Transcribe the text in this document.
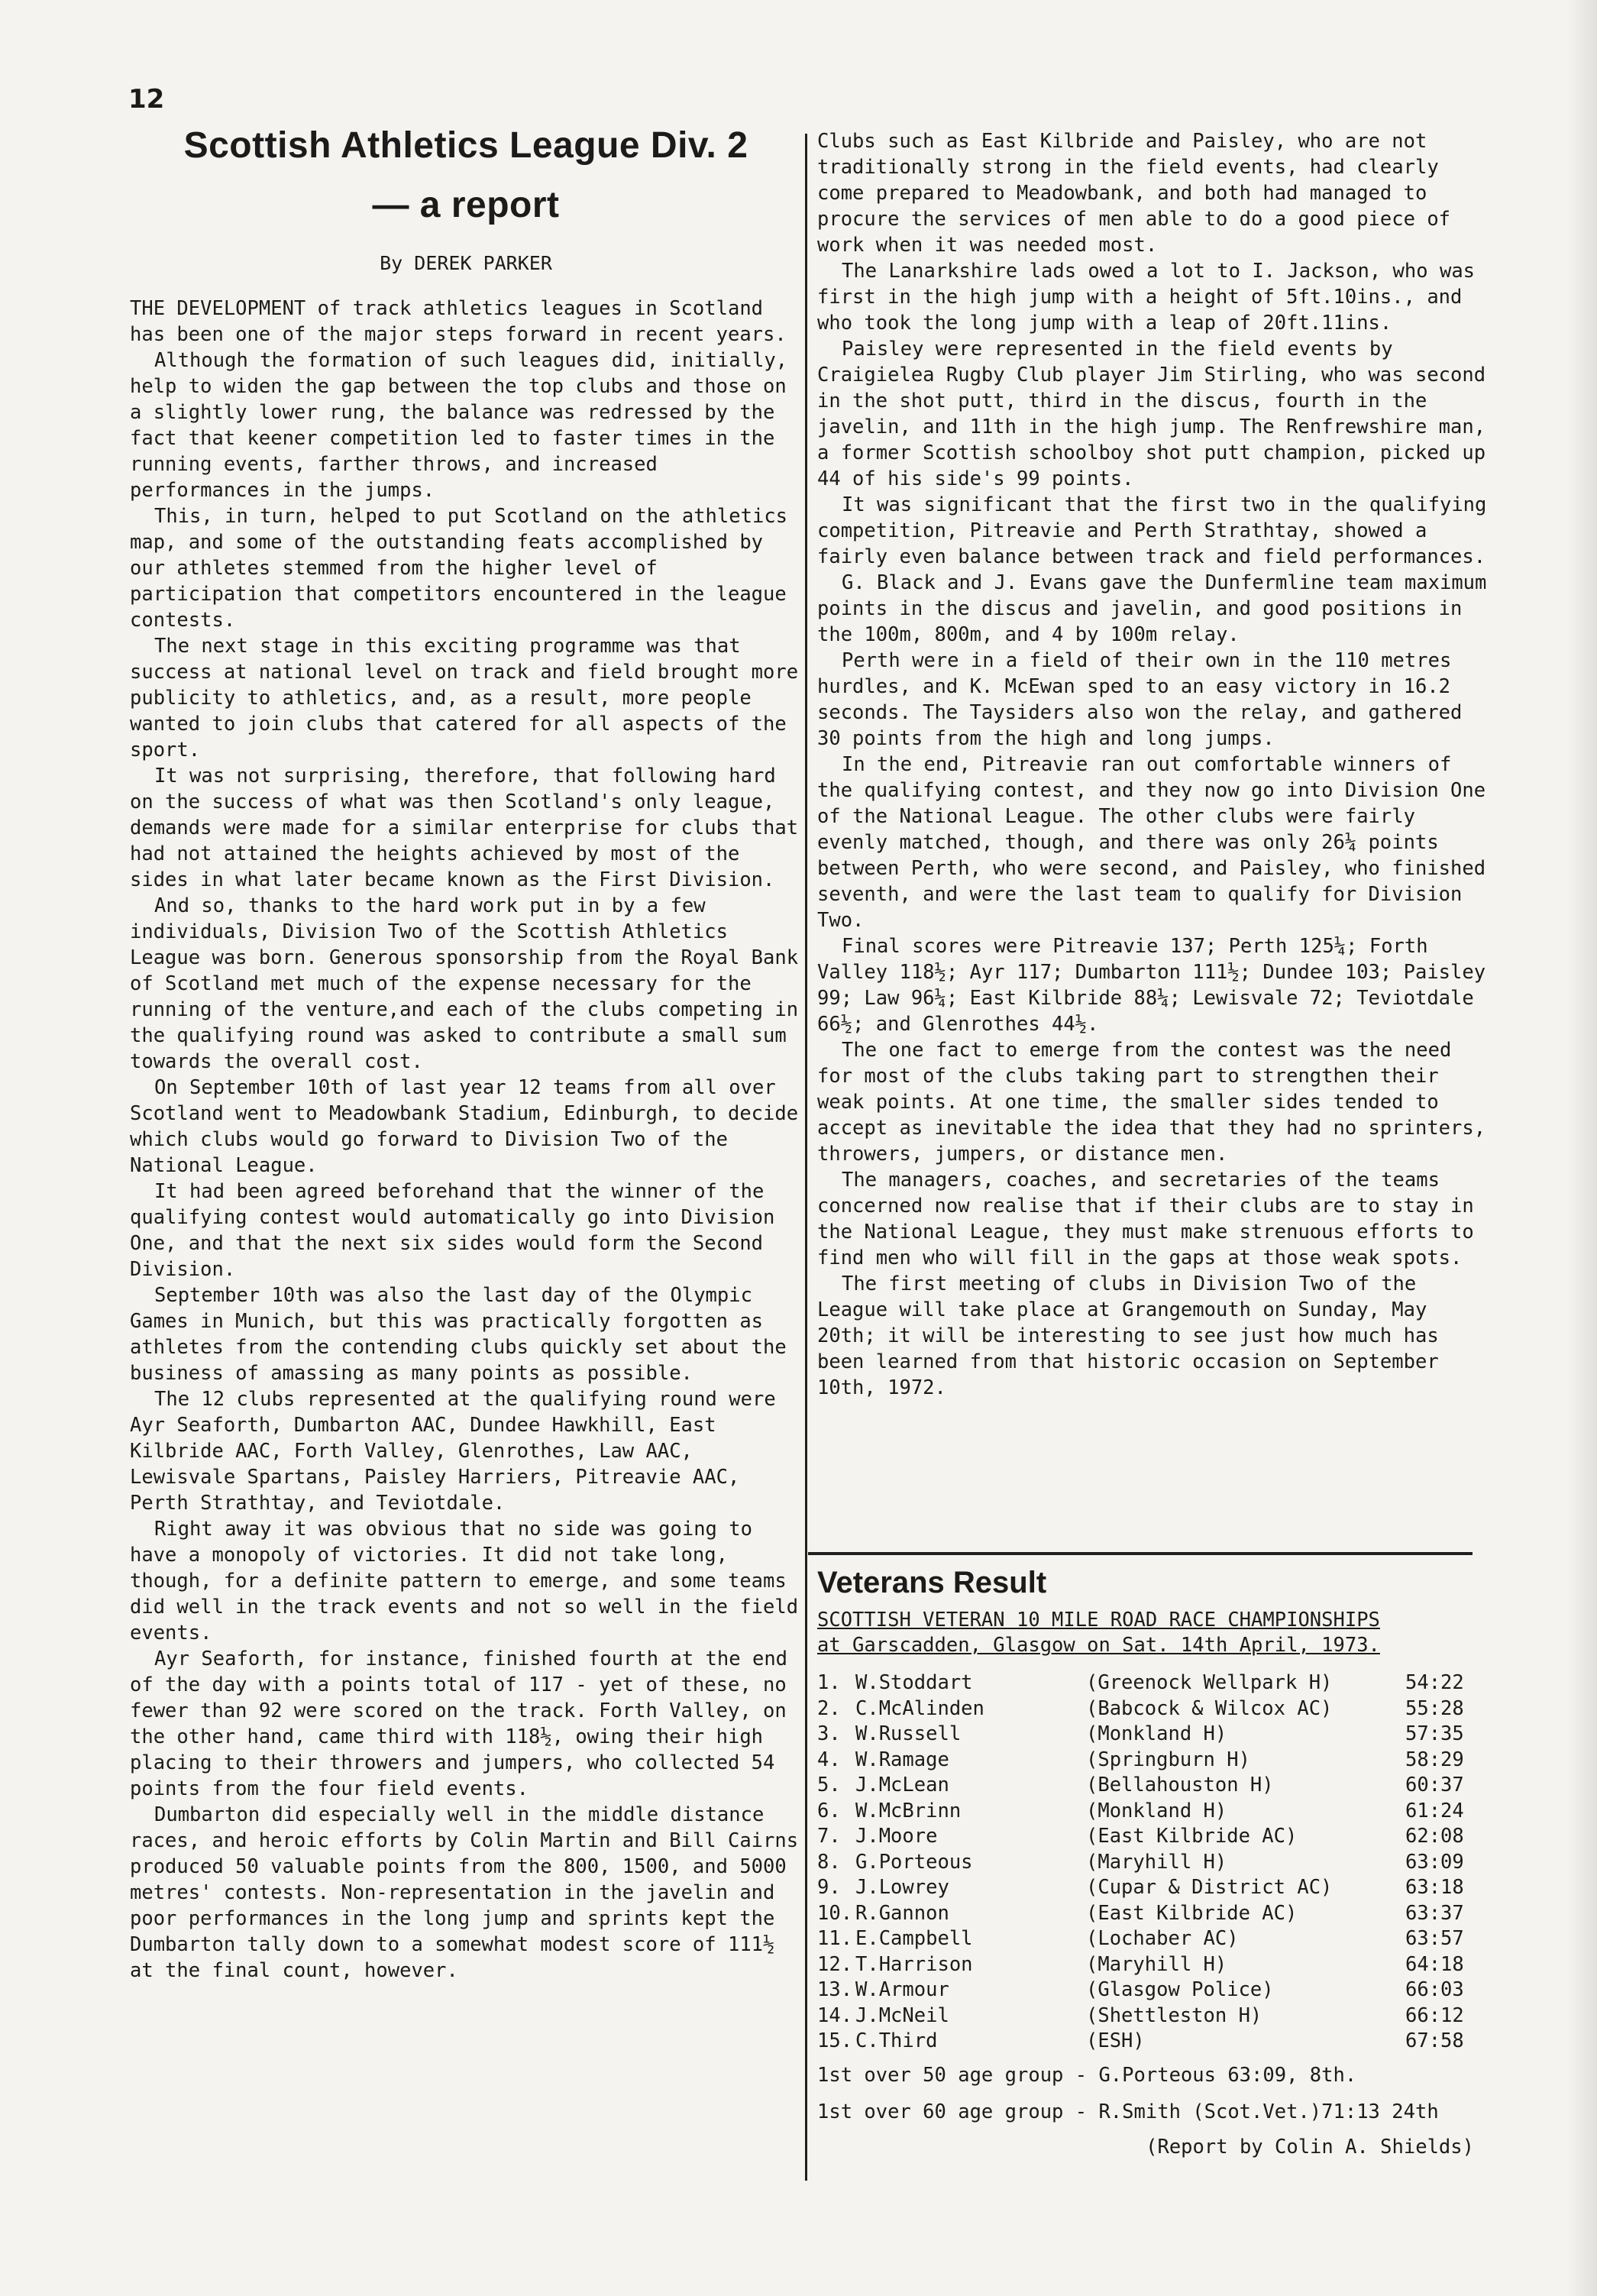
12
Scottish Athletics League Div. 2
— a report
By DEREK PARKER

THE DEVELOPMENT of track athletics leagues in Scotland has been one of the major steps forward in recent years.

Although the formation of such leagues did, initially, help to widen the gap between the top clubs and those on a slightly lower rung, the balance was redressed by the fact that keener competition led to faster times in the running events, farther throws, and increased performances in the jumps.

This, in turn, helped to put Scotland on the athletics map, and some of the outstanding feats accomplished by our athletes stemmed from the higher level of participation that competitors encountered in the league contests.

The next stage in this exciting programme was that success at national level on track and field brought more publicity to athletics, and, as a result, more people wanted to join clubs that catered for all aspects of the sport.

It was not surprising, therefore, that following hard on the success of what was then Scotland's only league, demands were made for a similar enterprise for clubs that had not attained the heights achieved by most of the sides in what later became known as the First Division.

And so, thanks to the hard work put in by a few individuals, Division Two of the Scottish Athletics League was born. Generous sponsorship from the Royal Bank of Scotland met much of the expense necessary for the running of the venture,and each of the clubs competing in the qualifying round was asked to contribute a small sum towards the overall cost.

On September 10th of last year 12 teams from all over Scotland went to Meadowbank Stadium, Edinburgh, to decide which clubs would go forward to Division Two of the National League.

It had been agreed beforehand that the winner of the qualifying contest would automatically go into Division One, and that the next six sides would form the Second Division.

September 10th was also the last day of the Olympic Games in Munich, but this was practically forgotten as athletes from the contending clubs quickly set about the business of amassing as many points as possible.

The 12 clubs represented at the qualifying round were Ayr Seaforth, Dumbarton AAC, Dundee Hawkhill, East Kilbride AAC, Forth Valley, Glenrothes, Law AAC, Lewisvale Spartans, Paisley Harriers, Pitreavie AAC, Perth Strathtay, and Teviotdale.

Right away it was obvious that no side was going to have a monopoly of victories. It did not take long, though, for a definite pattern to emerge, and some teams did well in the track events and not so well in the field events.

Ayr Seaforth, for instance, finished fourth at the end of the day with a points total of 117 - yet of these, no fewer than 92 were scored on the track. Forth Valley, on the other hand, came third with 118½, owing their high placing to their throwers and jumpers, who collected 54 points from the four field events.

Dumbarton did especially well in the middle distance races, and heroic efforts by Colin Martin and Bill Cairns produced 50 valuable points from the 800, 1500, and 5000 metres' contests. Non-representation in the javelin and poor performances in the long jump and sprints kept the Dumbarton tally down to a somewhat modest score of 111½ at the final count, however.

Clubs such as East Kilbride and Paisley, who are not traditionally strong in the field events, had clearly come prepared to Meadowbank, and both had managed to procure the services of men able to do a good piece of work when it was needed most.

The Lanarkshire lads owed a lot to I. Jackson, who was first in the high jump with a height of 5ft.10ins., and who took the long jump with a leap of 20ft.11ins.

Paisley were represented in the field events by Craigielea Rugby Club player Jim Stirling, who was second in the shot putt, third in the discus, fourth in the javelin, and 11th in the high jump. The Renfrewshire man, a former Scottish schoolboy shot putt champion, picked up 44 of his side's 99 points.

It was significant that the first two in the qualifying competition, Pitreavie and Perth Strathtay, showed a fairly even balance between track and field performances.

G. Black and J. Evans gave the Dunfermline team maximum points in the discus and javelin, and good positions in the 100m, 800m, and 4 by 100m relay.

Perth were in a field of their own in the 110 metres hurdles, and K. McEwan sped to an easy victory in 16.2 seconds. The Taysiders also won the relay, and gathered 30 points from the high and long jumps.

In the end, Pitreavie ran out comfortable winners of the qualifying contest, and they now go into Division One of the National League. The other clubs were fairly evenly matched, though, and there was only 26¼ points between Perth, who were second, and Paisley, who finished seventh, and were the last team to qualify for Division Two.

Final scores were Pitreavie 137; Perth 125¼; Forth Valley 118½; Ayr 117; Dumbarton 111½; Dundee 103; Paisley 99; Law 96¼; East Kilbride 88¼; Lewisvale 72; Teviotdale 66½; and Glenrothes 44½.

The one fact to emerge from the contest was the need for most of the clubs taking part to strengthen their weak points. At one time, the smaller sides tended to accept as inevitable the idea that they had no sprinters, throwers, jumpers, or distance men.

The managers, coaches, and secretaries of the teams concerned now realise that if their clubs are to stay in the National League, they must make strenuous efforts to find men who will fill in the gaps at those weak spots.

The first meeting of clubs in Division Two of the League will take place at Grangemouth on Sunday, May 20th; it will be interesting to see just how much has been learned from that historic occasion on September 10th, 1972.

Veterans Result
SCOTTISH VETERAN 10 MILE ROAD RACE CHAMPIONSHIPS
at Garscadden, Glasgow on Sat. 14th April, 1973.
1. W.Stoddart	(Greenock Wellpark H)	54:22
2. C.McAlinden	(Babcock & Wilcox AC)	55:28
3. W.Russell	(Monkland H)	57:35
4. W.Ramage	(Springburn H)	58:29
5. J.McLean	(Bellahouston H)	60:37
6. W.McBrinn	(Monkland H)	61:24
7. J.Moore	(East Kilbride AC)	62:08
8. G.Porteous	(Maryhill H)	63:09
9. J.Lowrey	(Cupar & District AC)	63:18
10. R.Gannon	(East Kilbride AC)	63:37
11. E.Campbell	(Lochaber AC)	63:57
12. T.Harrison	(Maryhill H)	64:18
13. W.Armour	(Glasgow Police)	66:03
14. J.McNeil	(Shettleston H)	66:12
15. C.Third	(ESH)	67:58
1st over 50 age group - G.Porteous 63:09, 8th.
1st over 60 age group - R.Smith (Scot.Vet.)71:13 24th
(Report by Colin A. Shields)
